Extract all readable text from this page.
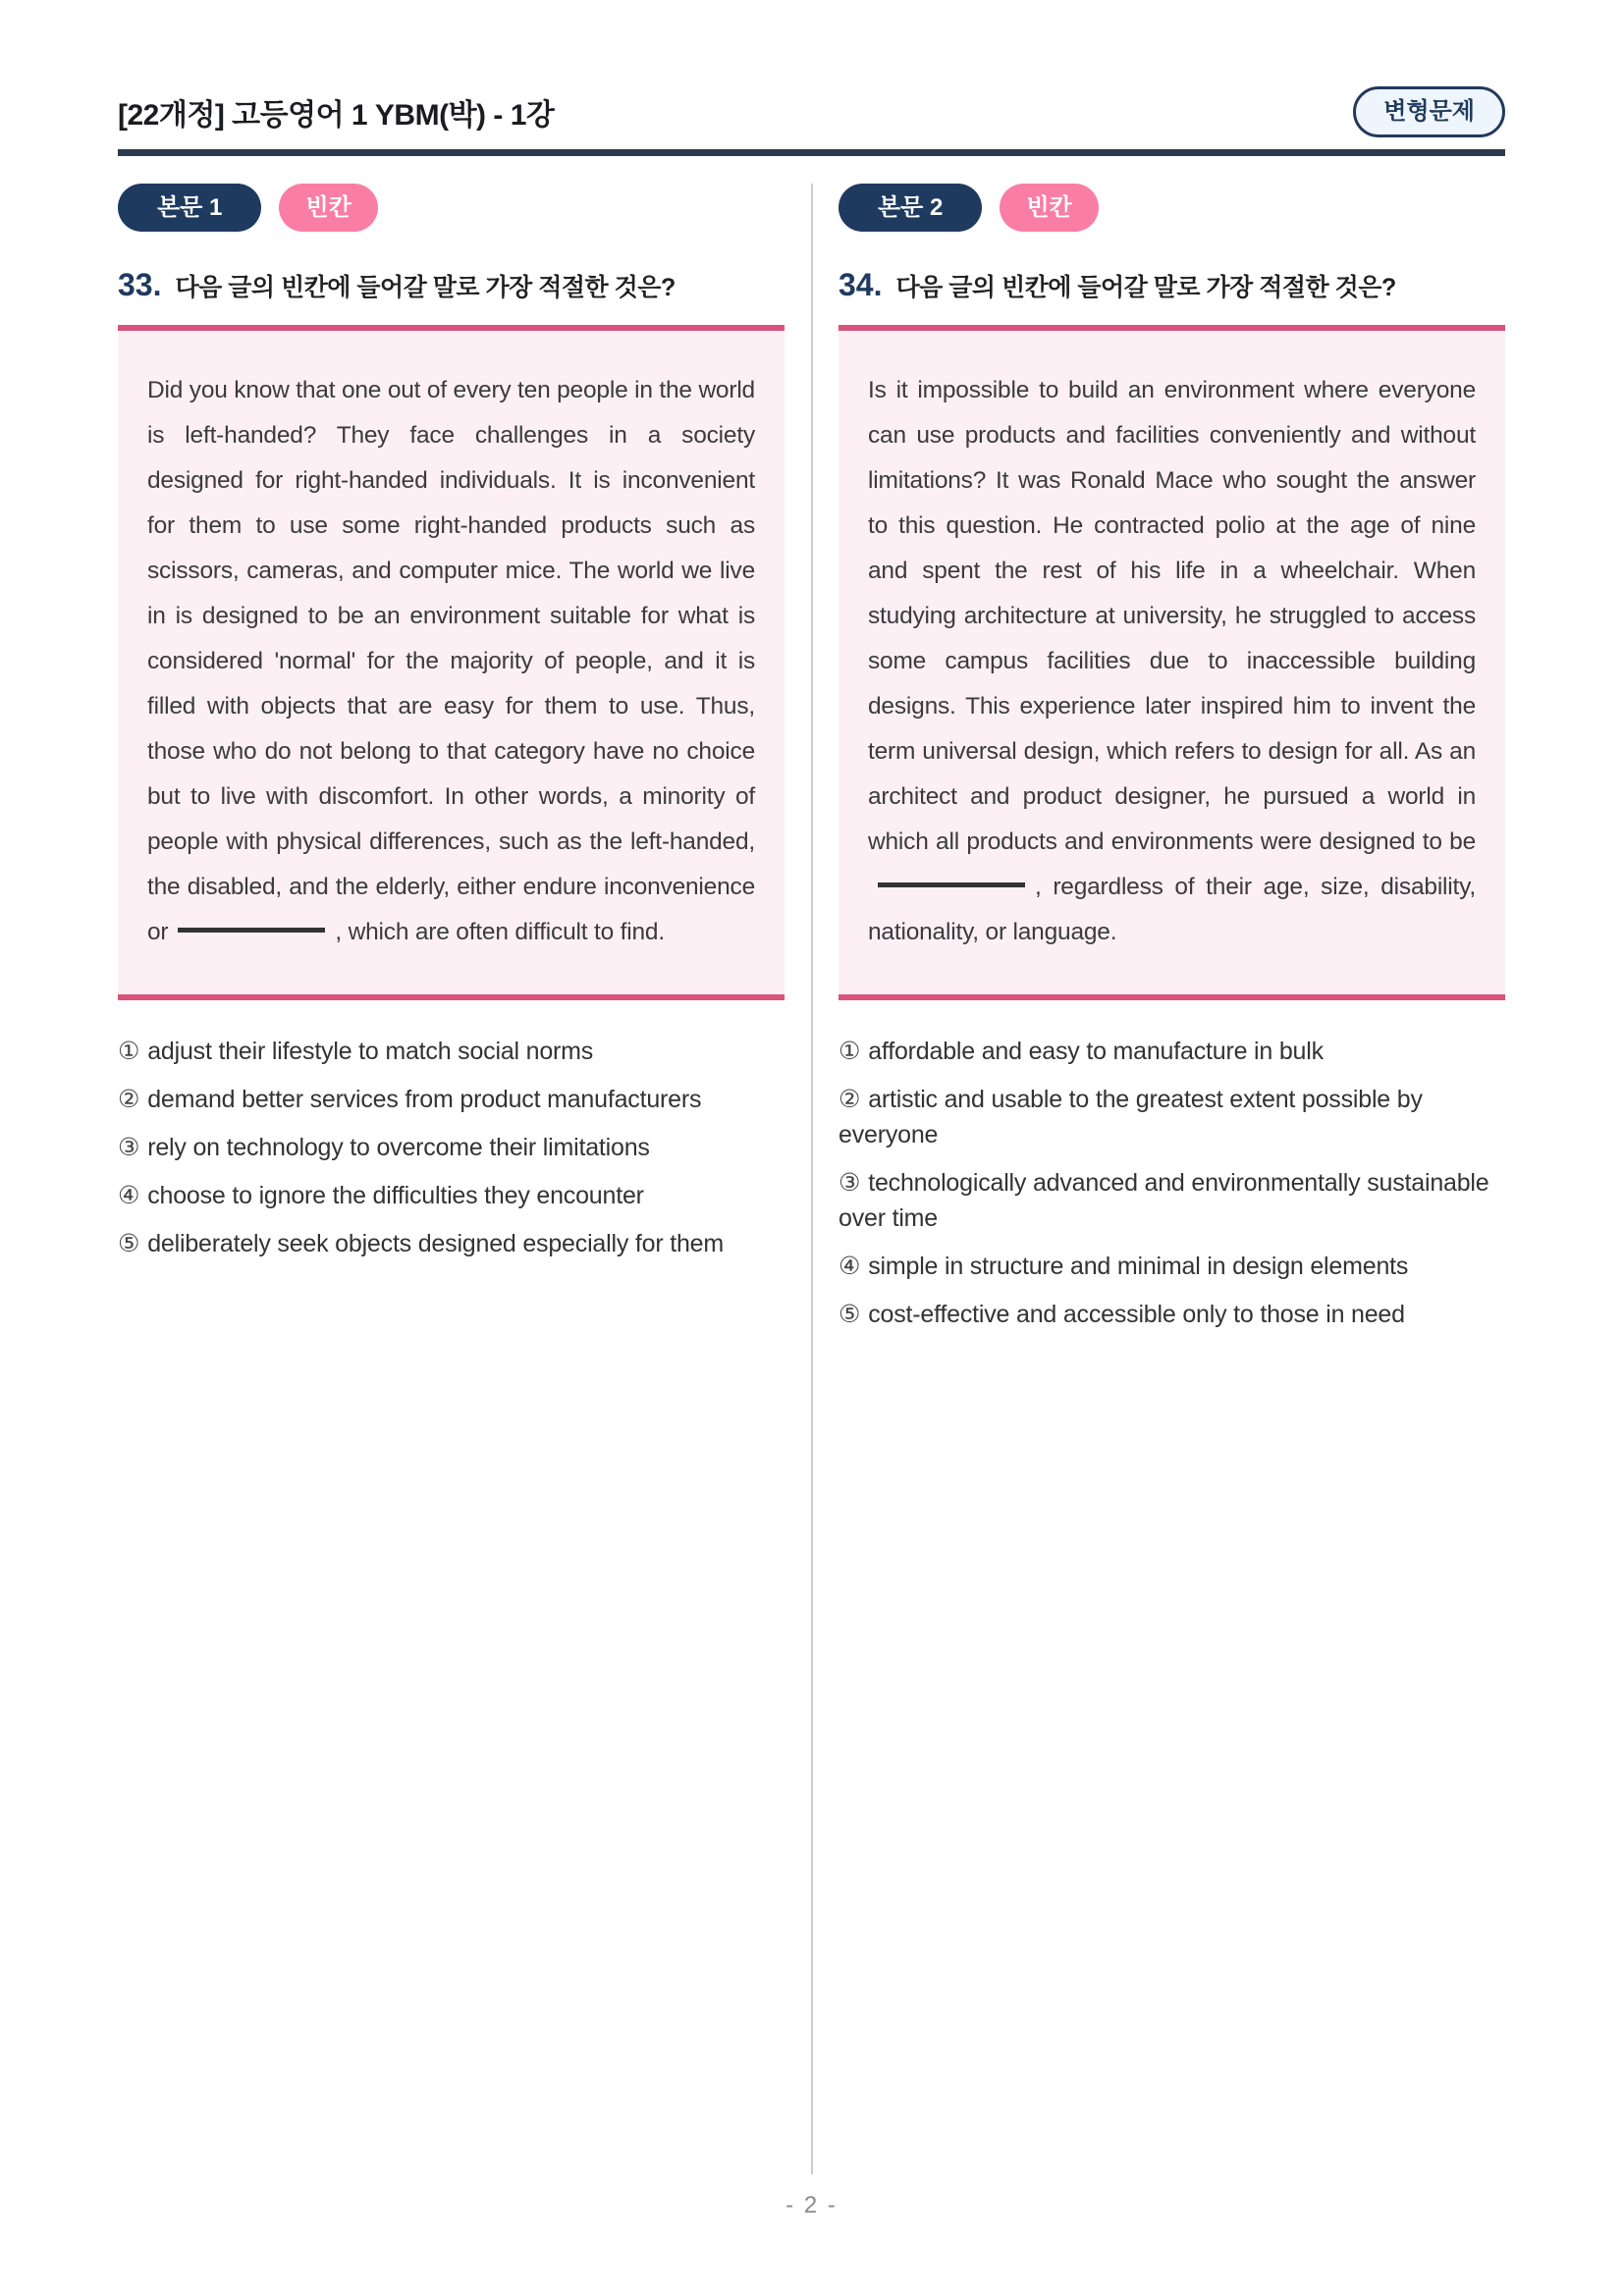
[22개정] 고등영어 1 YBM(박) - 1강	변형문제
본문 1	빈칸
33. 다음 글의 빈칸에 들어갈 말로 가장 적절한 것은?
Did you know that one out of every ten people in the world is left-handed? They face challenges in a society designed for right-handed individuals. It is inconvenient for them to use some right-handed products such as scissors, cameras, and computer mice. The world we live in is designed to be an environment suitable for what is considered 'normal' for the majority of people, and it is filled with objects that are easy for them to use. Thus, those who do not belong to that category have no choice but to live with discomfort. In other words, a minority of people with physical differences, such as the left-handed, the disabled, and the elderly, either endure inconvenience or	, which are often difficult to find.
① adjust their lifestyle to match social norms
② demand better services from product manufacturers
③ rely on technology to overcome their limitations
④ choose to ignore the difficulties they encounter
⑤ deliberately seek objects designed especially for them
본문 2	빈칸
34. 다음 글의 빈칸에 들어갈 말로 가장 적절한 것은?
Is it impossible to build an environment where everyone can use products and facilities conveniently and without limitations? It was Ronald Mace who sought the answer to this question. He contracted polio at the age of nine and spent the rest of his life in a wheelchair. When studying architecture at university, he struggled to access some campus facilities due to inaccessible building designs. This experience later inspired him to invent the term universal design, which refers to design for all. As an architect and product designer, he pursued a world in which all products and environments were designed to be, regardless of their age, size, disability, nationality, or language.
① affordable and easy to manufacture in bulk
② artistic and usable to the greatest extent possible by everyone
③ technologically advanced and environmentally sustainable over time
④ simple in structure and minimal in design elements
⑤ cost-effective and accessible only to those in need
- 2 -
